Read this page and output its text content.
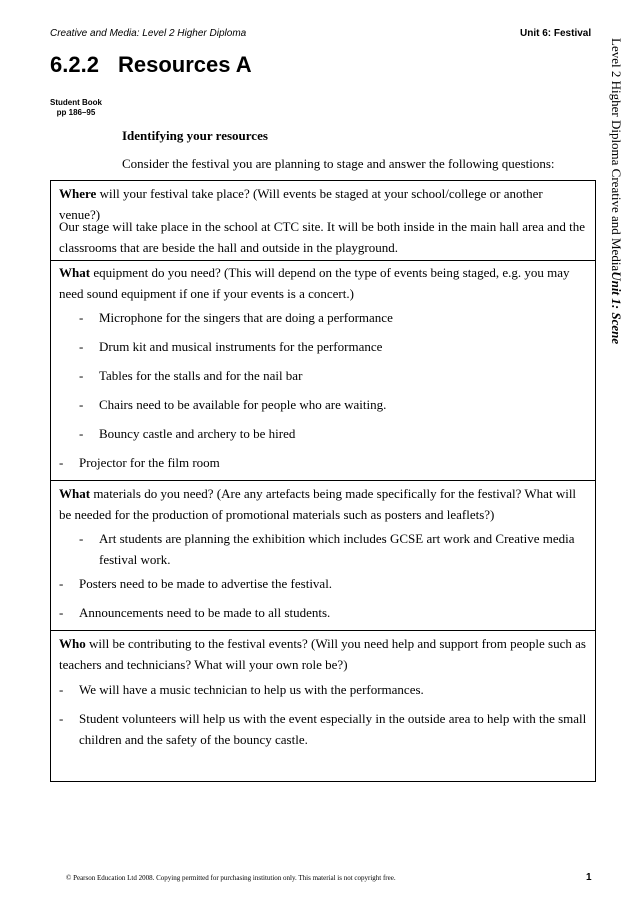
Creative and Media: Level 2 Higher Diploma	Unit 6: Festival
6.2.2 Resources A
Student Book
pp 186–95
Identifying your resources
Consider the festival you are planning to stage and answer the following questions:	Level 2 Higher Diploma Creative and MediaUnit 1: Scene
Where will your festival take place? (Will events be staged at your school/college or another venue?)
Our stage will take place in the school at CTC site. It will be both inside in the main hall area and the classrooms that are beside the hall and outside in the playground.
What equipment do you need? (This will depend on the type of events being staged, e.g. you may need sound equipment if one if your events is a concert.)
- Microphone for the singers that are doing a performance
- Drum kit and musical instruments for the performance
- Tables for the stalls and for the nail bar
- Chairs need to be available for people who are waiting.
- Bouncy castle and archery to be hired
- Projector for the film room
What materials do you need? (Are any artefacts being made specifically for the festival? What will be needed for the production of promotional materials such as posters and leaflets?)
- Art students are planning the exhibition which includes GCSE art work and Creative media festival work.
- Posters need to be made to advertise the festival.
- Announcements need to be made to all students.
Who will be contributing to the festival events? (Will you need help and support from people such as teachers and technicians? What will your own role be?)
- We will have a music technician to help us with the performances.
- Student volunteers will help us with the event especially in the outside area to help with the small children and the safety of the bouncy castle.
© Pearson Education Ltd 2008. Copying permitted for purchasing institution only. This material is not copyright free.	1
